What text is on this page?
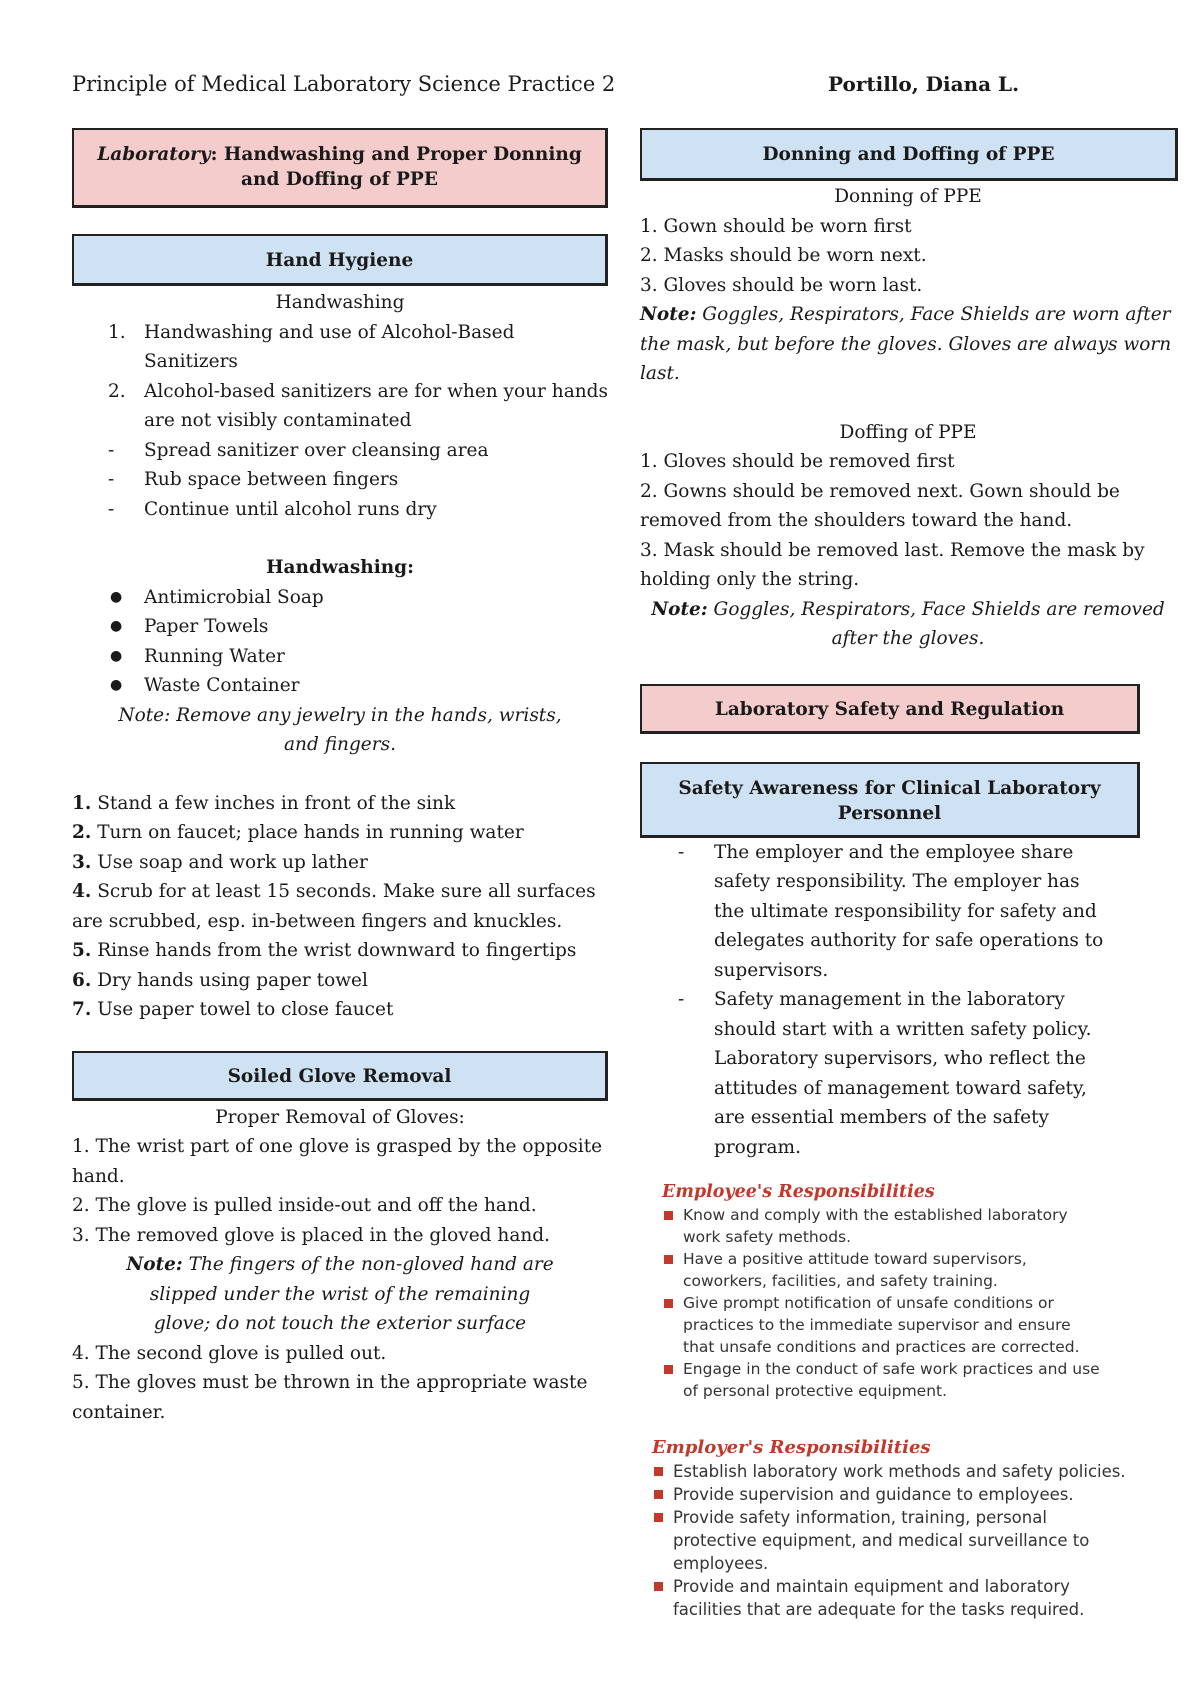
Principle of Medical Laboratory Science Practice 2	Portillo, Diana L.
Laboratory: Handwashing and Proper Donning and Doffing of PPE
Hand Hygiene
Handwashing
1. Handwashing and use of Alcohol-Based Sanitizers
2. Alcohol-based sanitizers are for when your hands are not visibly contaminated
-	Spread sanitizer over cleansing area
-	Rub space between fingers
-	Continue until alcohol runs dry
Handwashing:
●	Antimicrobial Soap
●	Paper Towels
●	Running Water
●	Waste Container
Note: Remove any jewelry in the hands, wrists,
and fingers.
1. Stand a few inches in front of the sink
2. Turn on faucet; place hands in running water
3. Use soap and work up lather
4. Scrub for at least 15 seconds. Make sure all surfaces are scrubbed, esp. in-between fingers and knuckles.
5. Rinse hands from the wrist downward to fingertips
6. Dry hands using paper towel
7. Use paper towel to close faucet
Soiled Glove Removal
Proper Removal of Gloves:
1. The wrist part of one glove is grasped by the opposite hand.
2. The glove is pulled inside-out and off the hand.
3. The removed glove is placed in the gloved hand.
Note: The fingers of the non-gloved hand are
slipped under the wrist of the remaining
glove; do not touch the exterior surface
4. The second glove is pulled out.
5. The gloves must be thrown in the appropriate waste container.
Donning and Doffing of PPE
Donning of PPE
1. Gown should be worn first
2. Masks should be worn next.
3. Gloves should be worn last.
Note: Goggles, Respirators, Face Shields are worn after the mask, but before the gloves. Gloves are always worn last.
Doffing of PPE
1. Gloves should be removed first
2. Gowns should be removed next. Gown should be removed from the shoulders toward the hand.
3. Mask should be removed last. Remove the mask by holding only the string.
Note: Goggles, Respirators, Face Shields are removed
after the gloves.
Laboratory Safety and Regulation
Safety Awareness for Clinical Laboratory Personnel
-	The employer and the employee share safety responsibility. The employer has the ultimate responsibility for safety and delegates authority for safe operations to supervisors.
-	Safety management in the laboratory should start with a written safety policy. Laboratory supervisors, who reflect the attitudes of management toward safety, are essential members of the safety program.
Employee's Responsibilities
Know and comply with the established laboratory work safety methods.
Have a positive attitude toward supervisors, coworkers, facilities, and safety training.
Give prompt notification of unsafe conditions or practices to the immediate supervisor and ensure that unsafe conditions and practices are corrected.
Engage in the conduct of safe work practices and use of personal protective equipment.
Employer's Responsibilities
Establish laboratory work methods and safety policies.
Provide supervision and guidance to employees.
Provide safety information, training, personal protective equipment, and medical surveillance to employees.
Provide and maintain equipment and laboratory facilities that are adequate for the tasks required.
